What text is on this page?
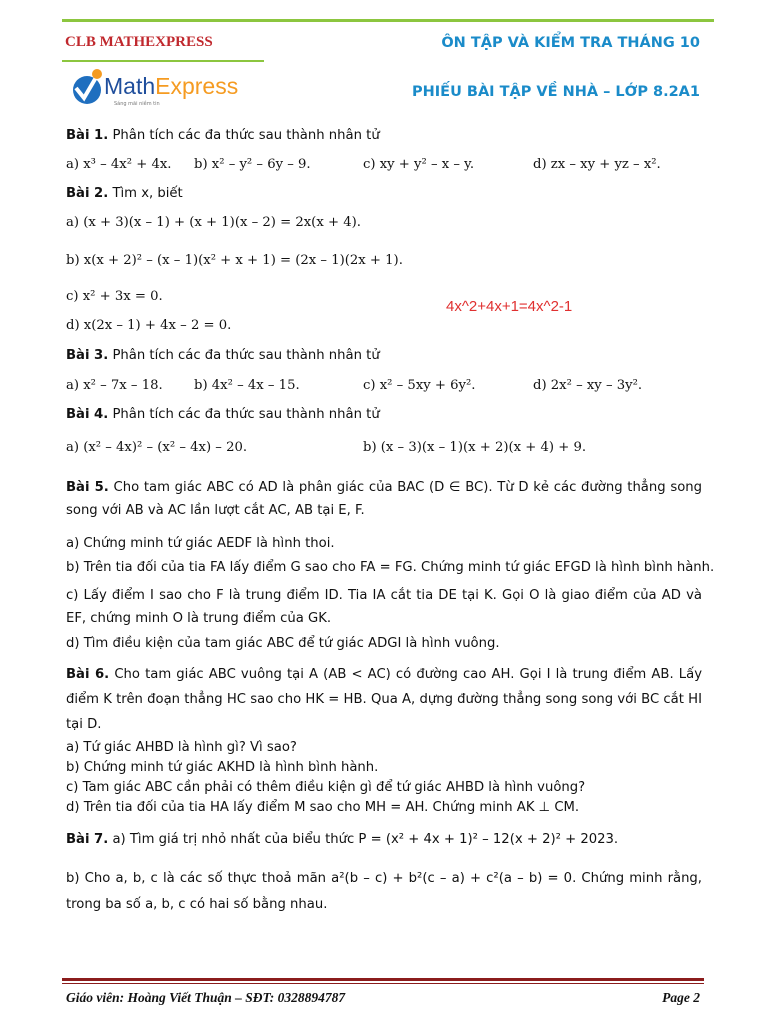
CLB MATHEXPRESS	ÔN TẬP VÀ KIỂM TRA THÁNG 10
PHIẾU BÀI TẬP VỀ NHÀ – LỚP 8.2A1
MathExpress
Sáng mãi niềm tin
Bài 1. Phân tích các đa thức sau thành nhân tử
a) x³ – 4x² + 4x. b) x² – y² – 6y – 9.	c) xy + y² – x – y.	d) zx – xy + yz – x².
Bài 2. Tìm x, biết
a) (x + 3)(x – 1) + (x + 1)(x – 2) = 2x(x + 4).
b) x(x + 2)² – (x – 1)(x² + x + 1) = (2x – 1)(2x + 1).
c) x² + 3x = 0.
d) x(2x – 1) + 4x – 2 = 0.
Bài 3. Phân tích các đa thức sau thành nhân tử
a) x² – 7x – 18. b) 4x² – 4x – 15.	c) x² – 5xy + 6y².	d) 2x² – xy – 3y².
Bài 4. Phân tích các đa thức sau thành nhân tử
a) (x² – 4x)² – (x² – 4x) – 20.	b) (x – 3)(x – 1)(x + 2)(x + 4) + 9.
Bài 5. Cho tam giác ABC có AD là phân giác của BAC (D ∈ BC). Từ D kẻ các đường thẳng song song với AB và AC lần lượt cắt AC, AB tại E, F.
a) Chứng minh tứ giác AEDF là hình thoi.
b) Trên tia đối của tia FA lấy điểm G sao cho FA = FG. Chứng minh tứ giác EFGD là hình bình hành.
c) Lấy điểm I sao cho F là trung điểm ID. Tia IA cắt tia DE tại K. Gọi O là giao điểm của AD và EF, chứng minh O là trung điểm của GK.
d) Tìm điều kiện của tam giác ABC để tứ giác ADGI là hình vuông.
Bài 6. Cho tam giác ABC vuông tại A (AB < AC) có đường cao AH. Gọi I là trung điểm AB. Lấy điểm K trên đoạn thẳng HC sao cho HK = HB. Qua A, dựng đường thẳng song song với BC cắt HI tại D.
a) Tứ giác AHBD là hình gì? Vì sao?
b) Chứng minh tứ giác AKHD là hình bình hành.
c) Tam giác ABC cần phải có thêm điều kiện gì để tứ giác AHBD là hình vuông?
d) Trên tia đối của tia HA lấy điểm M sao cho MH = AH. Chứng minh AK ⊥ CM.
Bài 7. a) Tìm giá trị nhỏ nhất của biểu thức P = (x² + 4x + 1)² – 12(x + 2)² + 2023.
b) Cho a, b, c là các số thực thoả mãn a²(b – c) + b²(c – a) + c²(a – b) = 0. Chứng minh rằng, trong ba số a, b, c có hai số bằng nhau.
4x^2+4x+1=4x^2-1
Giáo viên: Hoàng Viết Thuận – SĐT: 0328894787	Page 2
